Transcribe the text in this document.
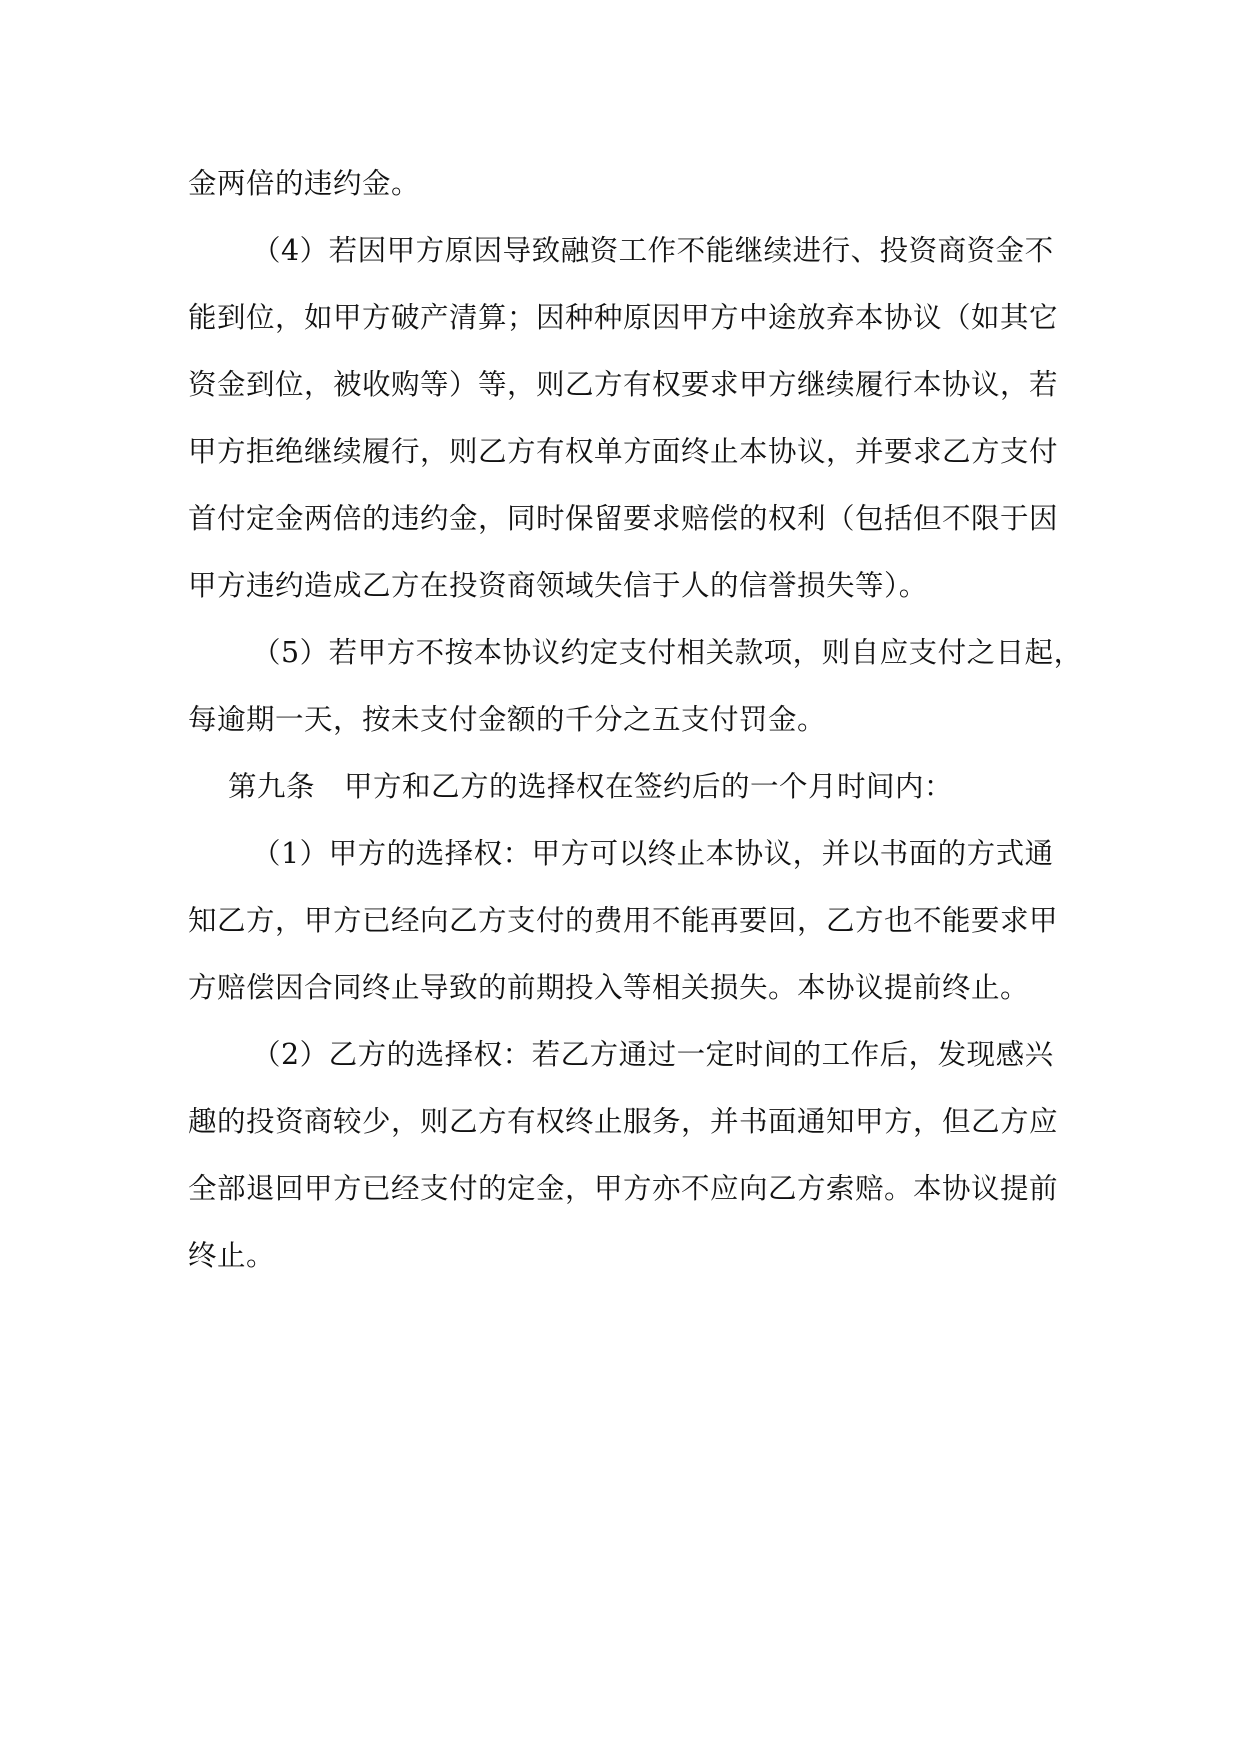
金两倍的违约金。
（4）若因甲方原因导致融资工作不能继续进行、投资商资金不
能到位，如甲方破产清算；因种种原因甲方中途放弃本协议（如其它
资金到位，被收购等）等，则乙方有权要求甲方继续履行本协议，若
甲方拒绝继续履行，则乙方有权单方面终止本协议，并要求乙方支付
首付定金两倍的违约金，同时保留要求赔偿的权利（包括但不限于因
甲方违约造成乙方在投资商领域失信于人的信誉损失等）。
（5）若甲方不按本协议约定支付相关款项，则自应支付之日起，
每逾期一天，按未支付金额的千分之五支付罚金。
第九条　甲方和乙方的选择权在签约后的一个月时间内：
（1）甲方的选择权：甲方可以终止本协议，并以书面的方式通
知乙方，甲方已经向乙方支付的费用不能再要回，乙方也不能要求甲
方赔偿因合同终止导致的前期投入等相关损失。本协议提前终止。
（2）乙方的选择权：若乙方通过一定时间的工作后，发现感兴
趣的投资商较少，则乙方有权终止服务，并书面通知甲方，但乙方应
全部退回甲方已经支付的定金，甲方亦不应向乙方索赔。本协议提前
终止。
